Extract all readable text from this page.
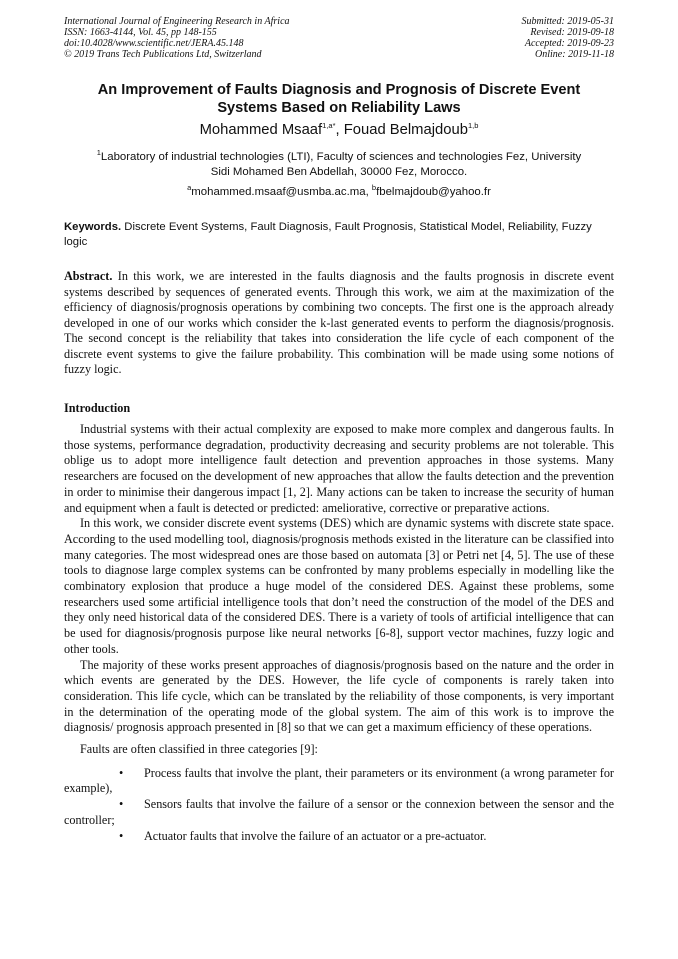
International Journal of Engineering Research in Africa
ISSN: 1663-4144, Vol. 45, pp 148-155
doi:10.4028/www.scientific.net/JERA.45.148
© 2019 Trans Tech Publications Ltd, Switzerland
Submitted: 2019-05-31
Revised: 2019-09-18
Accepted: 2019-09-23
Online: 2019-11-18
An Improvement of Faults Diagnosis and Prognosis of Discrete Event
Systems Based on Reliability Laws
Mohammed Msaaf$^{1,a*}$, Fouad Belmajdoub$^{1,b}$
$^1$Laboratory of industrial technologies (LTI), Faculty of sciences and technologies Fez, University
Sidi Mohamed Ben Abdellah, 30000 Fez, Morocco.
$^a$mohammed.msaaf@usmba.ac.ma, $^b$fbelmajdoub@yahoo.fr
Keywords. Discrete Event Systems, Fault Diagnosis, Fault Prognosis, Statistical Model, Reliability, Fuzzy logic
Abstract. In this work, we are interested in the faults diagnosis and the faults prognosis in discrete event systems described by sequences of generated events. Through this work, we aim at the maximization of the efficiency of diagnosis/prognosis operations by combining two concepts. The first one is the approach already developed in one of our works which consider the k-last generated events to perform the diagnosis/prognosis. The second concept is the reliability that takes into consideration the life cycle of each component of the discrete event systems to give the failure probability. This combination will be made using some notions of fuzzy logic.
Introduction

Industrial systems with their actual complexity are exposed to make more complex and dangerous faults. In those systems, performance degradation, productivity decreasing and security problems are not tolerable. This oblige us to adopt more intelligence fault detection and prevention approaches in those systems. Many researchers are focused on the development of new approaches that allow the faults detection and the prevention in order to minimise their dangerous impact [1, 2]. Many actions can be taken to increase the security of human and equipment when a fault is detected or predicted: ameliorative, corrective or preparative actions.

In this work, we consider discrete event systems (DES) which are dynamic systems with discrete state space. According to the used modelling tool, diagnosis/prognosis methods existed in the literature can be classified into many categories. The most widespread ones are those based on automata [3] or Petri net [4, 5]. The use of these tools to diagnose large complex systems can be confronted by many problems especially in modelling like the combinatory explosion that produce a huge model of the considered DES. Against these problems, some researchers used some artificial intelligence tools that don’t need the construction of the model of the DES and they only need historical data of the considered DES. There is a variety of tools of artificial intelligence that can be used for diagnosis/prognosis purpose like neural networks [6-8], support vector machines, fuzzy logic and other tools.

The majority of these works present approaches of diagnosis/prognosis based on the nature and the order in which events are generated by the DES. However, the life cycle of components is rarely taken into consideration. This life cycle, which can be translated by the reliability of those components, is very important in the determination of the operating mode of the global system. The aim of this work is to improve the diagnosis/ prognosis approach presented in [8] so that we can get a maximum efficiency of these operations.

Faults are often classified in three categories [9]:

• Process faults that involve the plant, their parameters or its environment (a wrong parameter for example),
• Sensors faults that involve the failure of a sensor or the connexion between the sensor and the controller;
• Actuator faults that involve the failure of an actuator or a pre-actuator.
